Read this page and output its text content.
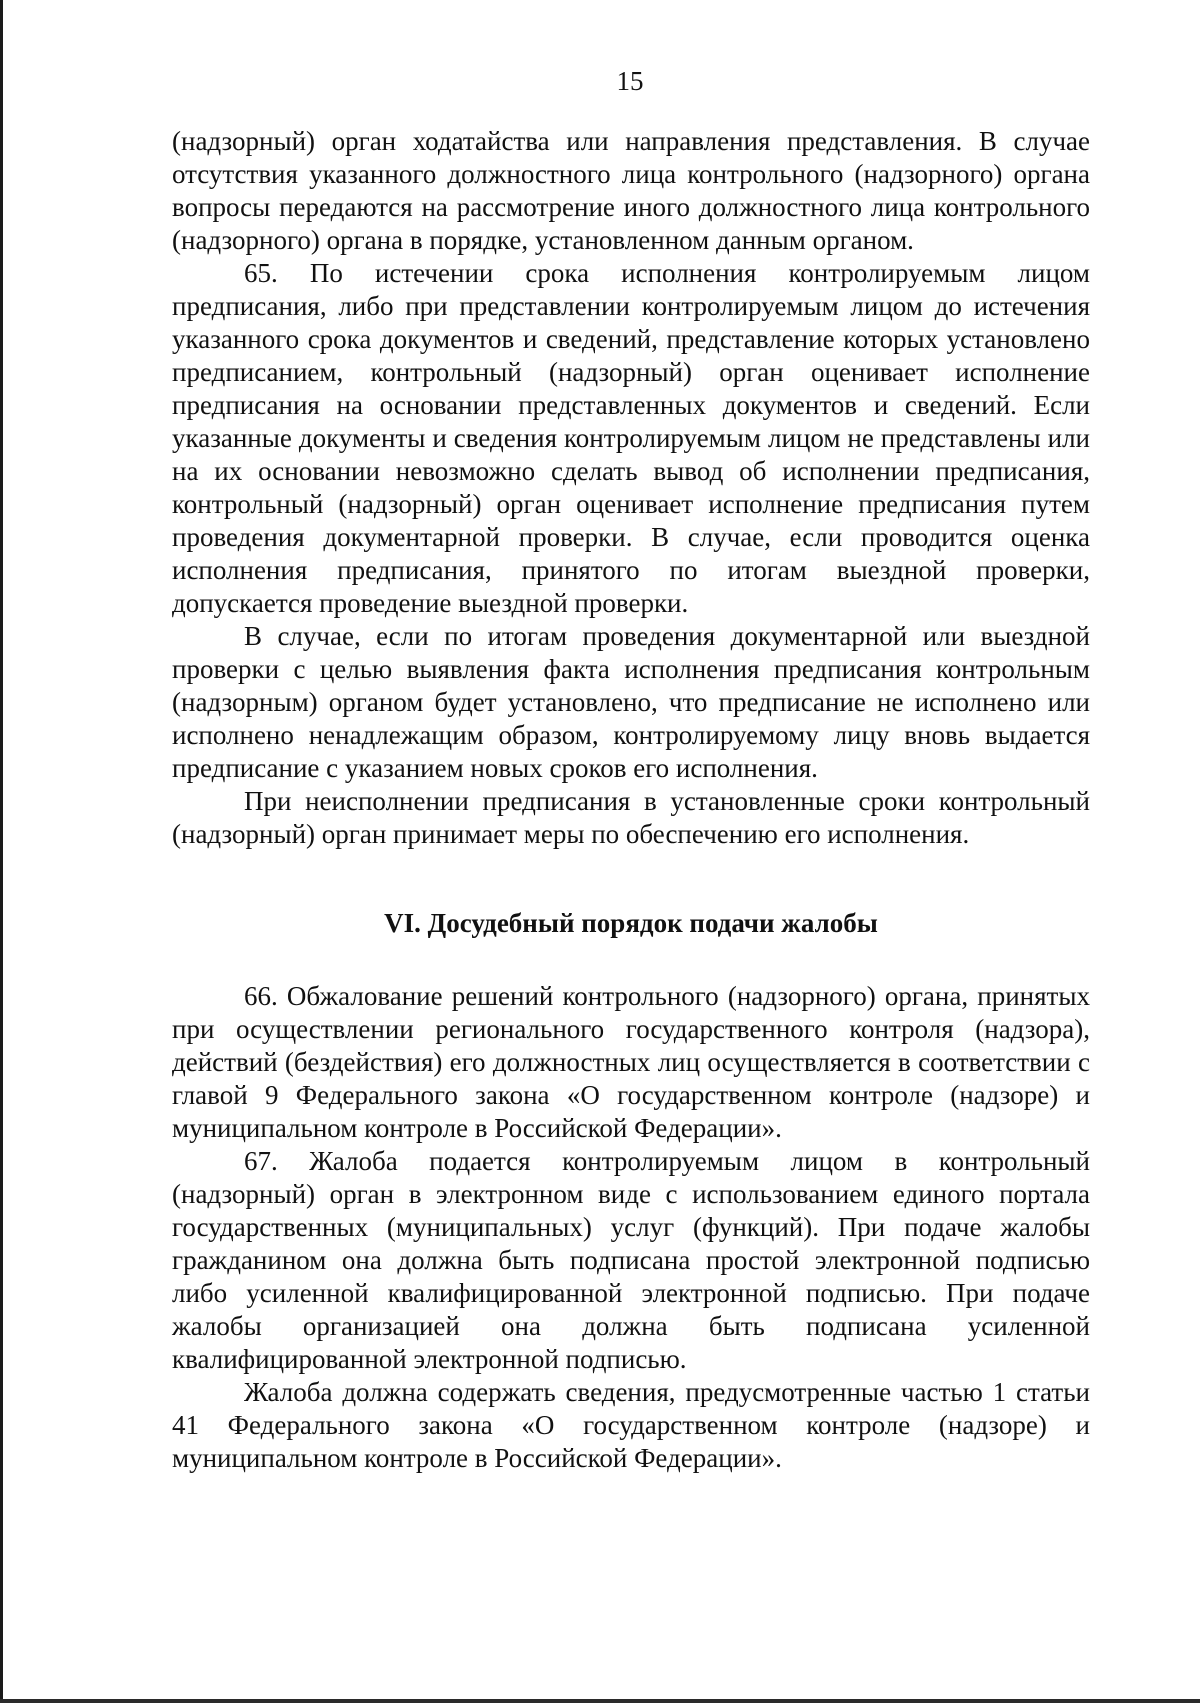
15

(надзорный) орган ходатайства или направления представления. В случае отсутствия указанного должностного лица контрольного (надзорного) органа вопросы передаются на рассмотрение иного должностного лица контрольного (надзорного) органа в порядке, установленном данным органом.

65. По истечении срока исполнения контролируемым лицом предписания, либо при представлении контролируемым лицом до истечения указанного срока документов и сведений, представление которых установлено предписанием, контрольный (надзорный) орган оценивает исполнение предписания на основании представленных документов и сведений. Если указанные документы и сведения контролируемым лицом не представлены или на их основании невозможно сделать вывод об исполнении предписания, контрольный (надзорный) орган оценивает исполнение предписания путем проведения документарной проверки. В случае, если проводится оценка исполнения предписания, принятого по итогам выездной проверки, допускается проведение выездной проверки.

В случае, если по итогам проведения документарной или выездной проверки с целью выявления факта исполнения предписания контрольным (надзорным) органом будет установлено, что предписание не исполнено или исполнено ненадлежащим образом, контролируемому лицу вновь выдается предписание с указанием новых сроков его исполнения.

При неисполнении предписания в установленные сроки контрольный (надзорный) орган принимает меры по обеспечению его исполнения.

VI. Досудебный порядок подачи жалобы

66. Обжалование решений контрольного (надзорного) органа, принятых при осуществлении регионального государственного контроля (надзора), действий (бездействия) его должностных лиц осуществляется в соответствии с главой 9 Федерального закона «О государственном контроле (надзоре) и муниципальном контроле в Российской Федерации».

67. Жалоба подается контролируемым лицом в контрольный (надзорный) орган в электронном виде с использованием единого портала государственных (муниципальных) услуг (функций). При подаче жалобы гражданином она должна быть подписана простой электронной подписью либо усиленной квалифицированной электронной подписью. При подаче жалобы организацией она должна быть подписана усиленной квалифицированной электронной подписью.

Жалоба должна содержать сведения, предусмотренные частью 1 статьи 41 Федерального закона «О государственном контроле (надзоре) и муниципальном контроле в Российской Федерации».
